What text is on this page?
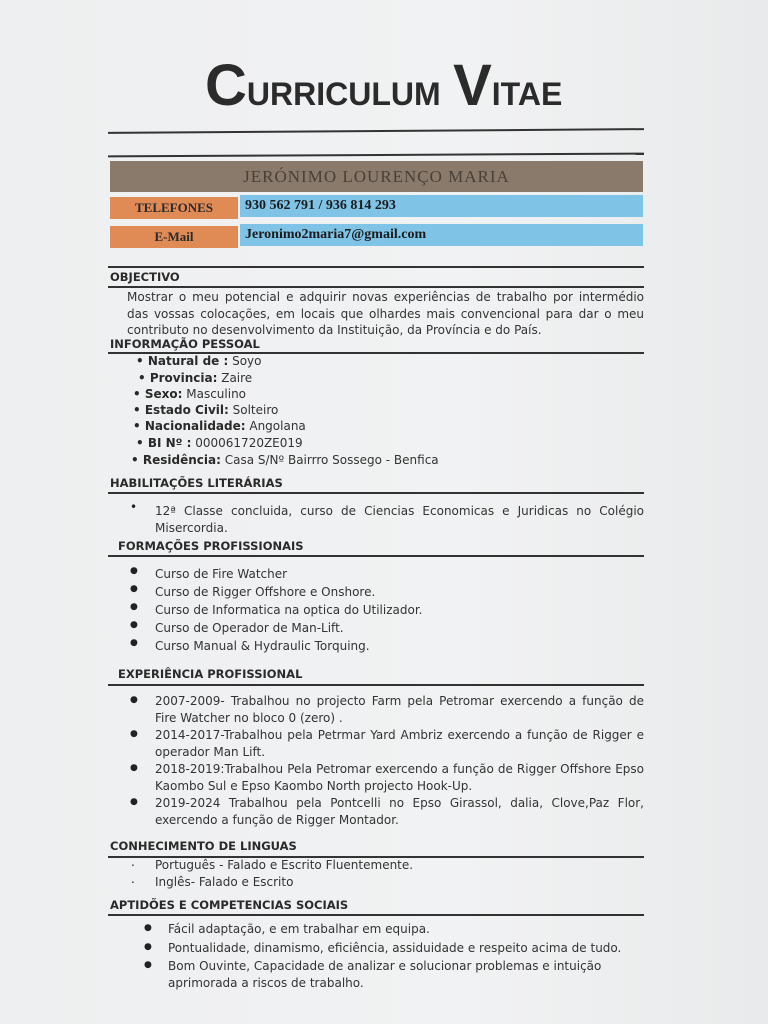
CURRICULUM VITAE
JERÓNIMO LOURENÇO MARIA
TELEFONES	930 562 791 / 936 814 293
E-Mail	Jeronimo2maria7@gmail.com
OBJECTIVO
Mostrar o meu potencial e adquirir novas experiências de trabalho por intermédio das vossas colocações, em locais que olhardes mais convencional para dar o meu contributo no desenvolvimento da Instituição, da Província e do País.
INFORMAÇÃO PESSOAL
• Natural de : Soyo
• Provincia: Zaire
• Sexo: Masculino
• Estado Civil: Solteiro
• Nacionalidade: Angolana
• BI Nº : 000061720ZE019
• Residência: Casa S/Nº Bairrro Sossego - Benfica
HABILITAÇÕES LITERÁRIAS
• 12ª Classe concluida, curso de Ciencias Economicas e Juridicas no Colégio Misercordia.
FORMAÇÕES PROFISSIONAIS
● Curso de Fire Watcher
● Curso de Rigger Offshore e Onshore.
● Curso de Informatica na optica do Utilizador.
● Curso de Operador de Man-Lift.
● Curso Manual & Hydraulic Torquing.
EXPERIÊNCIA PROFISSIONAL
● 2007-2009- Trabalhou no projecto Farm pela Petromar exercendo a função de Fire Watcher no bloco 0 (zero) .
● 2014-2017-Trabalhou pela Petrmar Yard Ambriz exercendo a função de Rigger e operador Man Lift.
● 2018-2019:Trabalhou Pela Petromar exercendo a função de Rigger Offshore Epso Kaombo Sul e Epso Kaombo North projecto Hook-Up.
● 2019-2024 Trabalhou pela Pontcelli no Epso Girassol, dalia, Clove,Paz Flor, exercendo a função de Rigger Montador.
CONHECIMENTO DE LINGUAS
. Português - Falado e Escrito Fluentemente.
. Inglês- Falado e Escrito
APTIDÕES E COMPETENCIAS SOCIAIS
● Fácil adaptação, e em trabalhar em equipa.
● Pontualidade, dinamismo, eficiência, assiduidade e respeito acima de tudo.
● Bom Ouvinte, Capacidade de analizar e solucionar problemas e intuição aprimorada a riscos de trabalho.
